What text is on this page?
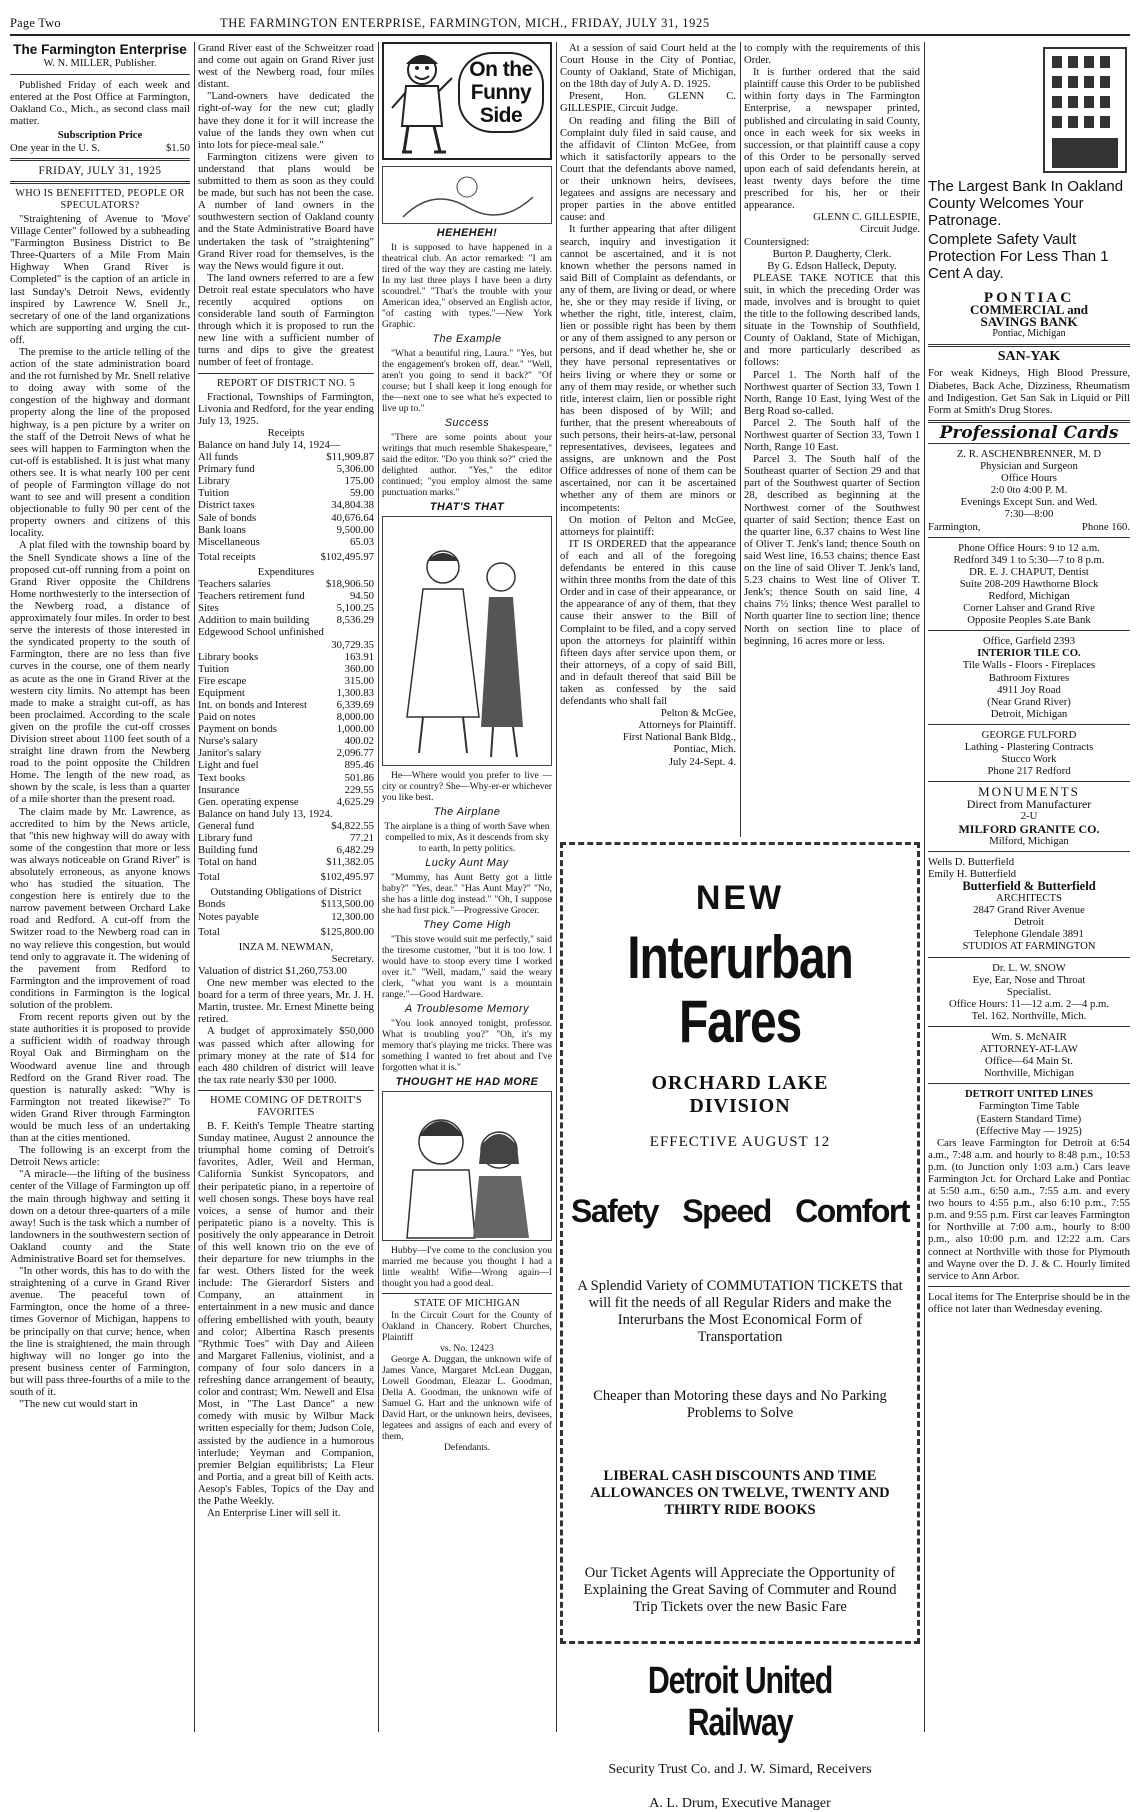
Page Two	THE FARMINGTON ENTERPRISE, FARMINGTON, MICH., FRIDAY, JULY 31, 1925
The Farmington Enterprise
W. N. MILLER, Publisher.

Published Friday of each week and entered at the Post Office at Farmington, Oakland Co., Mich., as second class mail matter.

Subscription Price
One year in the U. S.	$1.50
FRIDAY, JULY 31, 1925
WHO IS BENEFITTED, PEOPLE OR SPECULATORS?

"Straightening of Avenue to 'Move' Village Center" followed by a subheading "Farmington Business District to Be Three-Quarters of a Mile From Main Highway When Grand River is Completed" is the caption of an article in last Sunday's Detroit News, evidently inspired by Lawrence W. Snell Jr., secretary of one of the land organizations which are supporting and urging the cut-off.

The premise to the article telling of the action of the state administration board and the rot furnished by Mr. Snell relative to doing away with some of the congestion of the highway and dormant property along the line of the proposed highway, is a pen picture by a writer on the staff of the Detroit News of what he sees will happen to Farmington when the cut-off is established. It is just what many others see. It is what nearly 100 per cent of people of Farmington village do not want to see and will present a condition objectionable to fully 90 per cent of the property owners and citizens of this locality.

A plat filed with the township board by the Snell Syndicate shows a line of the proposed cut-off running from a point on Grand River opposite the Childrens Home northwesterly to the intersection of the Newberg road, a distance of approximately four miles. In order to best serve the interests of those interested in the syndicated property to the south of Farmington, there are no less than five curves in the course, one of them nearly as acute as the one in Grand River at the western city limits. No attempt has been made to make a straight cut-off, as has been proclaimed. According to the scale given on the profile the cut-off crosses Division street about 1100 feet south of a straight line drawn from the Newberg road to the point opposite the Children Home. The length of the new road, as shown by the scale, is less than a quarter of a mile shorter than the present road.

The claim made by Mr. Lawrence, as accredited to him by the News article, that "this new highway will do away with some of the congestion that more or less was always noticeable on Grand River" is absolutely erroneous, as anyone knows who has studied the situation. The congestion here is entirely due to the narrow pavement between Orchard Lake road and Redford. A cut-off from the Switzer road to the Newberg road can in no way relieve this congestion, but would tend only to aggravate it. The widening of the pavement from Redford to Farmington and the improvement of road conditions in Farmington is the logical solution of the problem.

From recent reports given out by the state authorities it is proposed to provide a sufficient width of roadway through Royal Oak and Birmingham on the Woodward avenue line and through Redford on the Grand River road. The question is naturally asked: "Why is Farmington not treated likewise?" To widen Grand River through Farmington would be much less of an undertaking than at the cities mentioned.

The following is an excerpt from the Detroit News article:

"A miracle—the lifting of the business center of the Village of Farmington up off the main through highway and setting it down on a detour three-quarters of a mile away! Such is the task which a number of landowners in the southwestern section of Oakland county and the State Administrative Board set for themselves.

"In other words, this has to do with the straightening of a curve in Grand River avenue. The peaceful town of Farmington, once the home of a three-times Governor of Michigan, happens to be principally on that curve; hence, when the line is straightened, the main through highway will no longer go into the present business center of Farmington, but will pass three-fourths of a mile to the south of it.

"The new cut would start in

Grand River east of the Schweitzer road and come out again on Grand River just west of the Newberg road, four miles distant.

"Land-owners have dedicated the right-of-way for the new cut; gladly have they done it for it will increase the value of the lands they own when cut into lots for piece-meal sale."

Farmington citizens were given to understand that plans would be submitted to them as soon as they could be made, but such has not been the case. A number of land owners in the southwestern section of Oakland county and the State Administrative Board have undertaken the task of "straightening" Grand River road for themselves, is the way the News would figure it out.

The land owners referred to are a few Detroit real estate speculators who have recently acquired options on considerable land south of Farmington through which it is proposed to run the new line with a sufficient number of turns and dips to give the greatest number of feet of frontage.

REPORT OF DISTRICT NO. 5

Fractional, Townships of Farmington, Livonia and Redford, for the year ending July 13, 1925.

Receipts
Balance on hand July 14, 1924—
All funds	$11,909.87
Primary fund	5,306.00
Library	175.00
Tuition	59.00
District taxes	34,804.38
Sale of bonds	40,676.64
Bank loans	9,500.00
Miscellaneous	65.03
Total receipts	$102,495.97
Expenditures
Teachers salaries	$18,906.50
Teachers retirement fund	94.50
Sites	5,100.25
Addition to main building	8,536.29
Edgewood School unfinished
30,729.35
Library books	163.91
Tuition	360.00
Fire escape	315.00
Equipment	1,300.83
Int. on bonds and Interest	6,339.69
Paid on notes	8,000.00
Payment on bonds	1,000.00
Nurse's salary	400.02
Janitor's salary	2,096.77
Light and fuel	895.46
Text books	501.86
Insurance	229.55
Gen. operating expense	4,625.29
Balance on hand July 13, 1924.
General fund	$4,822.55
Library fund	77.21
Building fund	6,482.29
Total on hand	$11,382.05
Total	$102,495.97
Outstanding Obligations of District
Bonds	$113,500.00
Notes payable	12,300.00
Total	$125,800.00
INZA M. NEWMAN,
Secretary.

Valuation of district $1,260,753.00

One new member was elected to the board for a term of three years, Mr. J. H. Martin, trustee. Mr. Ernest Minette being retired.

A budget of approximately $50,000 was passed which after allowing for primary money at the rate of $14 for each 480 children of district will leave the tax rate nearly $30 per 1000.

HOME COMING OF DETROIT'S FAVORITES

B. F. Keith's Temple Theatre starting Sunday matinee, August 2 announce the triumphal home coming of Detroit's favorites, Adler, Weil and Herman, California Sunkist Syncopators, and their peripatetic piano, in a repertoire of well chosen songs. These boys have real voices, a sense of humor and their peripatetic piano is a novelty. This is positively the only appearance in Detroit of this well known trio on the eve of their departure for new triumphs in the far west. Others listed for the week include: The Gierardorf Sisters and Company, an attainment in entertainment in a new music and dance offering embellished with youth, beauty and color; Albertina Rasch presents "Rythmic Toes" with Day and Aileen and Margaret Fallenius, violinist, and a company of four solo dancers in a refreshing dance arrangement of beauty, color and contrast; Wm. Newell and Elsa Most, in "The Last Dance" a new comedy with music by Wilbur Mack written especially for them; Judson Cole, assisted by the audience in a humorous interlude; Yeyman and Companion, premier Belgian equilibrists; La Fleur and Portia, and a great bill of Keith acts. Aesop's Fables, Topics of the Day and the Pathe Weekly.

An Enterprise Liner will sell it.

On the Funny Side
HEHEHEH!

It is supposed to have happened in a theatrical club. An actor remarked: "I am tired of the way they are casting me lately. In my last three plays I have been a dirty scoundrel." "That's the trouble with your American idea," observed an English actor, "of casting with types."—New York Graphic.

The Example

"What a beautiful ring, Laura." "Yes, but the engagement's broken off, dear." "Well, aren't you going to send it back?" "Of course; but I shall keep it long enough for the—next one to see what he's expected to live up to."

Success

"There are some points about your writings that much resemble Shakespeare," said the editor. "Do you think so?" cried the delighted author. "Yes," the editor continued; "you employ almost the same punctuation marks."

THAT'S THAT

He—Where would you prefer to live —city or country? She—Why-er-er whichever you like best.

The Airplane

The airplane is a thing of worth Save when compelled to mix, As it descends from sky to earth, In petty politics.

Lucky Aunt May

"Mummy, has Aunt Betty got a little baby?" "Yes, dear." "Has Aunt May?" "No, she has a little dog instead." "Oh, I suppose she had first pick."—Progressive Grocer.

They Come High

"This stove would suit me perfectly," said the tiresome customer, "but it is too low. I would have to stoop every time I worked over it." "Well, madam," said the weary clerk, "what you want is a mountain range."—Good Hardware.

A Troublesome Memory

"You look annoyed tonight, professor. What is troubling you?" "Oh, it's my memory that's playing me tricks. There was something I wanted to fret about and I've forgotten what it is."

THOUGHT HE HAD MORE

Hubby—I've come to the conclusion you married me because you thought I had a little wealth! Wifie—Wrong again—I thought you had a good deal.

STATE OF MICHIGAN

In the Circuit Court for the County of Oakland in Chancery. Robert Churches, Plaintiff

vs. No. 12423

George A. Duggan, the unknown wife of James Vance, Margaret McLean Duggan, Lowell Goodman, Eleazar L. Goodman, Della A. Goodman, the unknown wife of Samuel G. Hart and the unknown wife of David Hart, or the unknown heirs, devisees, legatees and assigns of each and every of them,

Defendants.

At a session of said Court held at the Court House in the City of Pontiac, County of Oakland, State of Michigan, on the 18th day of July A. D. 1925.

Present, Hon. GLENN C. GILLESPIE, Circuit Judge.

On reading and filing the Bill of Complaint duly filed in said cause, and the affidavit of Clinton McGee, from which it satisfactorily appears to the Court that the defendants above named, or their unknown heirs, devisees, legatees and assigns are necessary and proper parties in the above entitled cause: and

It further appearing that after diligent search, inquiry and investigation it cannot be ascertained, and it is not known whether the persons named in said Bill of Complaint as defendants, or any of them, are living or dead, or where he, she or they may reside if living, or whether the right, title, interest, claim, lien or possible right has been by them or any of them assigned to any person or persons, and if dead whether he, she or they have personal representatives or heirs living or where they or some or any of them may reside, or whether such title, interest claim, lien or possible right has been disposed of by Will; and further, that the present whereabouts of such persons, their heirs-at-law, personal representatives, devisees, legatees and assigns, are unknown and the Post Office addresses of none of them can be ascertained, nor can it be ascertained whether any of them are minors or incompetents:

On motion of Pelton and McGee, attorneys for plaintiff:

IT IS ORDERED that the appearance of each and all of the foregoing defendants be entered in this cause within three months from the date of this Order and in case of their appearance, or the appearance of any of them, that they cause their answer to the Bill of Complaint to be filed, and a copy served upon the attorneys for plaintiff within fifteen days after service upon them, or their attorneys, of a copy of said Bill, and in default thereof that said Bill be taken as confessed by the said defendants who shall fail

Pelton & McGee,
Attorneys for Plaintiff.
First National Bank Bldg.,
Pontiac, Mich.
July 24-Sept. 4.

to comply with the requirements of this Order.

It is further ordered that the said plaintiff cause this Order to be published within forty days in The Farmington Enterprise, a newspaper printed, published and circulating in said County, once in each week for six weeks in succession, or that plaintiff cause a copy of this Order to be personally served upon each of said defendants herein, at least twenty days before the time prescribed for his, her or their appearance.

GLENN C. GILLESPIE,
Circuit Judge.
Countersigned:
Burton P. Daugherty, Clerk.
By G. Edson Halleck, Deputy.

PLEASE TAKE NOTICE that this suit, in which the preceding Order was made, involves and is brought to quiet the title to the following described lands, situate in the Township of Southfield, County of Oakland, State of Michigan, and more particularly described as follows:

Parcel 1. The North half of the Northwest quarter of Section 33, Town 1 North, Range 10 East, lying West of the Berg Road so-called.

Parcel 2. The South half of the Northwest quarter of Section 33, Town 1 North, Range 10 East.

Parcel 3. The South half of the Southeast quarter of Section 29 and that part of the Southwest quarter of Section 28, described as beginning at the Northwest corner of the Southwest quarter of said Section; thence East on the quarter line, 6.37 chains to West line of Oliver T. Jenk's land; thence South on said West line, 16.53 chains; thence East on the line of said Oliver T. Jenk's land, 5.23 chains to West line of Oliver T. Jenk's; thence South on said line, 4 chains 7½ links; thence West parallel to North quarter line to section line; thence North on section line to place of beginning, 16 acres more or less.

NEW
Interurban Fares
ORCHARD LAKE
DIVISION
EFFECTIVE AUGUST 12
Safety Speed Comfort
A Splendid Variety of COMMUTATION TICKETS that will fit the needs of all Regular Riders and make the Interurbans the Most Economical Form of Transportation
Cheaper than Motoring these days and No Parking Problems to Solve
LIBERAL CASH DISCOUNTS AND TIME ALLOWANCES ON TWELVE, TWENTY AND THIRTY RIDE BOOKS
Our Ticket Agents will Appreciate the Opportunity of Explaining the Great Saving of Commuter and Round Trip Tickets over the new Basic Fare
Detroit United Railway
Security Trust Co. and J. W. Simard, Receivers
A. L. Drum, Executive Manager
The Largest Bank In Oakland County Welcomes Your Patronage.
Complete Safety Vault Protection For Less Than 1 Cent A day.
PONTIAC
COMMERCIAL and
SAVINGS BANK
Pontiac, Michigan
SAN-YAK

For weak Kidneys, High Blood Pressure, Diabetes, Back Ache, Dizziness, Rheumatism and Indigestion. Get San Sak in Liquid or Pill Form at Smith's Drug Stores.

Professional Cards
Z. R. ASCHENBRENNER, M. D
Physician and Surgeon
Office Hours
2:0 0to 4:00 P. M.
Evenings Except Sun. and Wed.
7:30—8:00
Farmington,	Phone 160.
Phone Office Hours: 9 to 12 a.m.
Redford 349 1 to 5:30—7 to 8 p.m.
DR. E. J. CHAPUT, Dentist
Suite 208-209 Hawthorne Block
Redford, Michigan
Corner Lahser and Grand Rive
Opposite Peoples S.ate Bank
Office, Garfield 2393
INTERIOR TILE CO.
Tile Walls - Floors - Fireplaces
Bathroom Fixtures
4911 Joy Road
(Near Grand River)
Detroit, Michigan
GEORGE FULFORD
Lathing - Plastering Contracts
Stucco Work
Phone 217 Redford
MONUMENTS
Direct from Manufacturer
2-U
MILFORD GRANITE CO.
Milford, Michigan
Wells D. Butterfield
Emily H. Butterfield
Butterfield & Butterfield
ARCHITECTS
2847 Grand River Avenue
Detroit
Telephone Glendale 3891
STUDIOS AT FARMINGTON
Dr. L. W. SNOW
Eye, Ear, Nose and Throat
Specialist.
Office Hours: 11—12 a.m. 2—4 p.m.
Tel. 162. Northville, Mich.
Wm. S. McNAIR
ATTORNEY-AT-LAW
Office—64 Main St.
Northville, Michigan
DETROIT UNITED LINES
Farmington Time Table
(Eastern Standard Time)
(Effective May — 1925)

Cars leave Farmington for Detroit at 6:54 a.m., 7:48 a.m. and hourly to 8:48 p.m., 10:53 p.m. (to Junction only 1:03 a.m.) Cars leave Farmington Jct. for Orchard Lake and Pontiac at 5:50 a.m., 6:50 a.m., 7:55 a.m. and every two hours to 4:55 p.m., also 6:10 p.m., 7:55 p.m. and 9:55 p.m. First car leaves Farmington for Northville at 7:00 a.m., hourly to 8:00 p.m., also 10:00 p.m. and 12:22 a.m. Cars connect at Northville with those for Plymouth and Wayne over the D. J. & C. Hourly limited service to Ann Arbor.

Local items for The Enterprise should be in the office not later than Wednesday evening.
